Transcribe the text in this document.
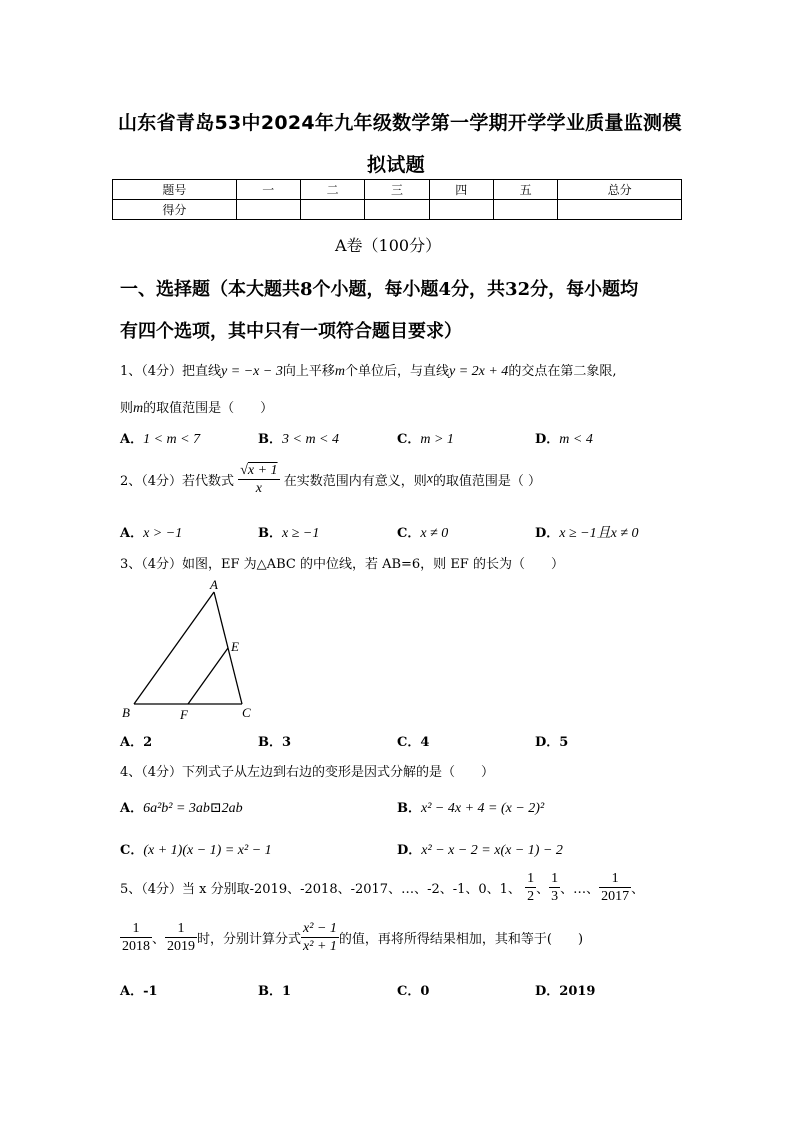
山东省青岛53中2024年九年级数学第一学期开学学业质量监测模
拟试题
题号	一	二	三	四	五	总分
得分						
A卷（100分）
一、选择题（本大题共8个小题，每小题4分，共32分，每小题均
有四个选项，其中只有一项符合题目要求）
1、（4分）把直线y = −x − 3向上平移m个单位后，与直线y = 2x + 4的交点在第二象限,
则m的取值范围是（　　）
A．1 < m < 7	B．3 < m < 4	C．m > 1	D．m < 4
2、（4分）若代数式 $\frac{√x + 1}{x}$ 在实数范围内有意义，则x的取值范围是（ ）
A．x > −1	B．x ≥ −1	C．x ≠ 0	D．x ≥ −1且x ≠ 0
3、（4分）如图，EF 为△ABC 的中位线，若 AB=6，则 EF 的长为（　　）
A
B	C
E
F
A．2	B．3	C．4	D．5
4、（4分）下列式子从左边到右边的变形是因式分解的是（　　）
A．6a²b² = 3ab⊡2ab	B．x² − 4x + 4 = (x − 2)²
C．(x + 1)(x − 1) = x² − 1	D．x² − x − 2 = x(x − 1) − 2
5、（4分）当 x 分别取-2019、-2018、-2017、…、-2、-1、0、1、 $\frac{1}{2}$ 、 $\frac{1}{3}$ 、…、 $\frac{1}{2017}$ 、
$\frac{1}{2018}$ 、 $\frac{1}{2019}$ 时，分别计算分式 $\frac{\text{x² − 1}}{\text{x² + 1}}$ 的值，再将所得结果相加，其和等于(　　)
A．-1	B．1	C．0	D．2019
